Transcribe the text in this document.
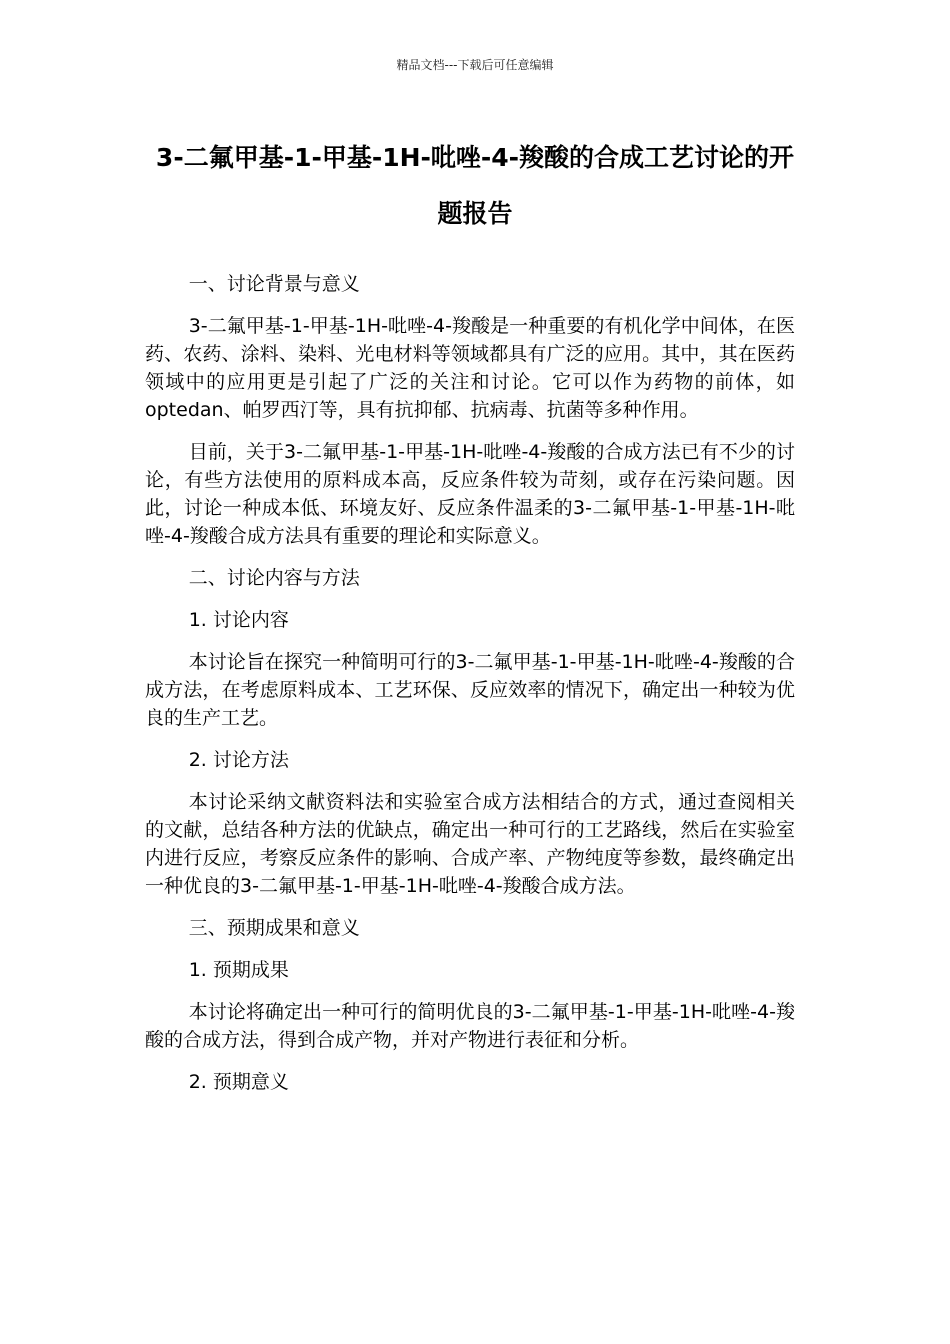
精品文档---下载后可任意编辑
3-二氟甲基-1-甲基-1H-吡唑-4-羧酸的合成工艺讨论的开题报告

一、讨论背景与意义

3-二氟甲基-1-甲基-1H-吡唑-4-羧酸是一种重要的有机化学中间体，在医药、农药、涂料、染料、光电材料等领域都具有广泛的应用。其中，其在医药领域中的应用更是引起了广泛的关注和讨论。它可以作为药物的前体，如optedan、帕罗西汀等，具有抗抑郁、抗病毒、抗菌等多种作用。

目前，关于3-二氟甲基-1-甲基-1H-吡唑-4-羧酸的合成方法已有不少的讨论，有些方法使用的原料成本高，反应条件较为苛刻，或存在污染问题。因此，讨论一种成本低、环境友好、反应条件温柔的3-二氟甲基-1-甲基-1H-吡唑-4-羧酸合成方法具有重要的理论和实际意义。

二、讨论内容与方法

1. 讨论内容

本讨论旨在探究一种简明可行的3-二氟甲基-1-甲基-1H-吡唑-4-羧酸的合成方法，在考虑原料成本、工艺环保、反应效率的情况下，确定出一种较为优良的生产工艺。

2. 讨论方法

本讨论采纳文献资料法和实验室合成方法相结合的方式，通过查阅相关的文献，总结各种方法的优缺点，确定出一种可行的工艺路线，然后在实验室内进行反应，考察反应条件的影响、合成产率、产物纯度等参数，最终确定出一种优良的3-二氟甲基-1-甲基-1H-吡唑-4-羧酸合成方法。

三、预期成果和意义

1. 预期成果

本讨论将确定出一种可行的简明优良的3-二氟甲基-1-甲基-1H-吡唑-4-羧酸的合成方法，得到合成产物，并对产物进行表征和分析。

2. 预期意义
